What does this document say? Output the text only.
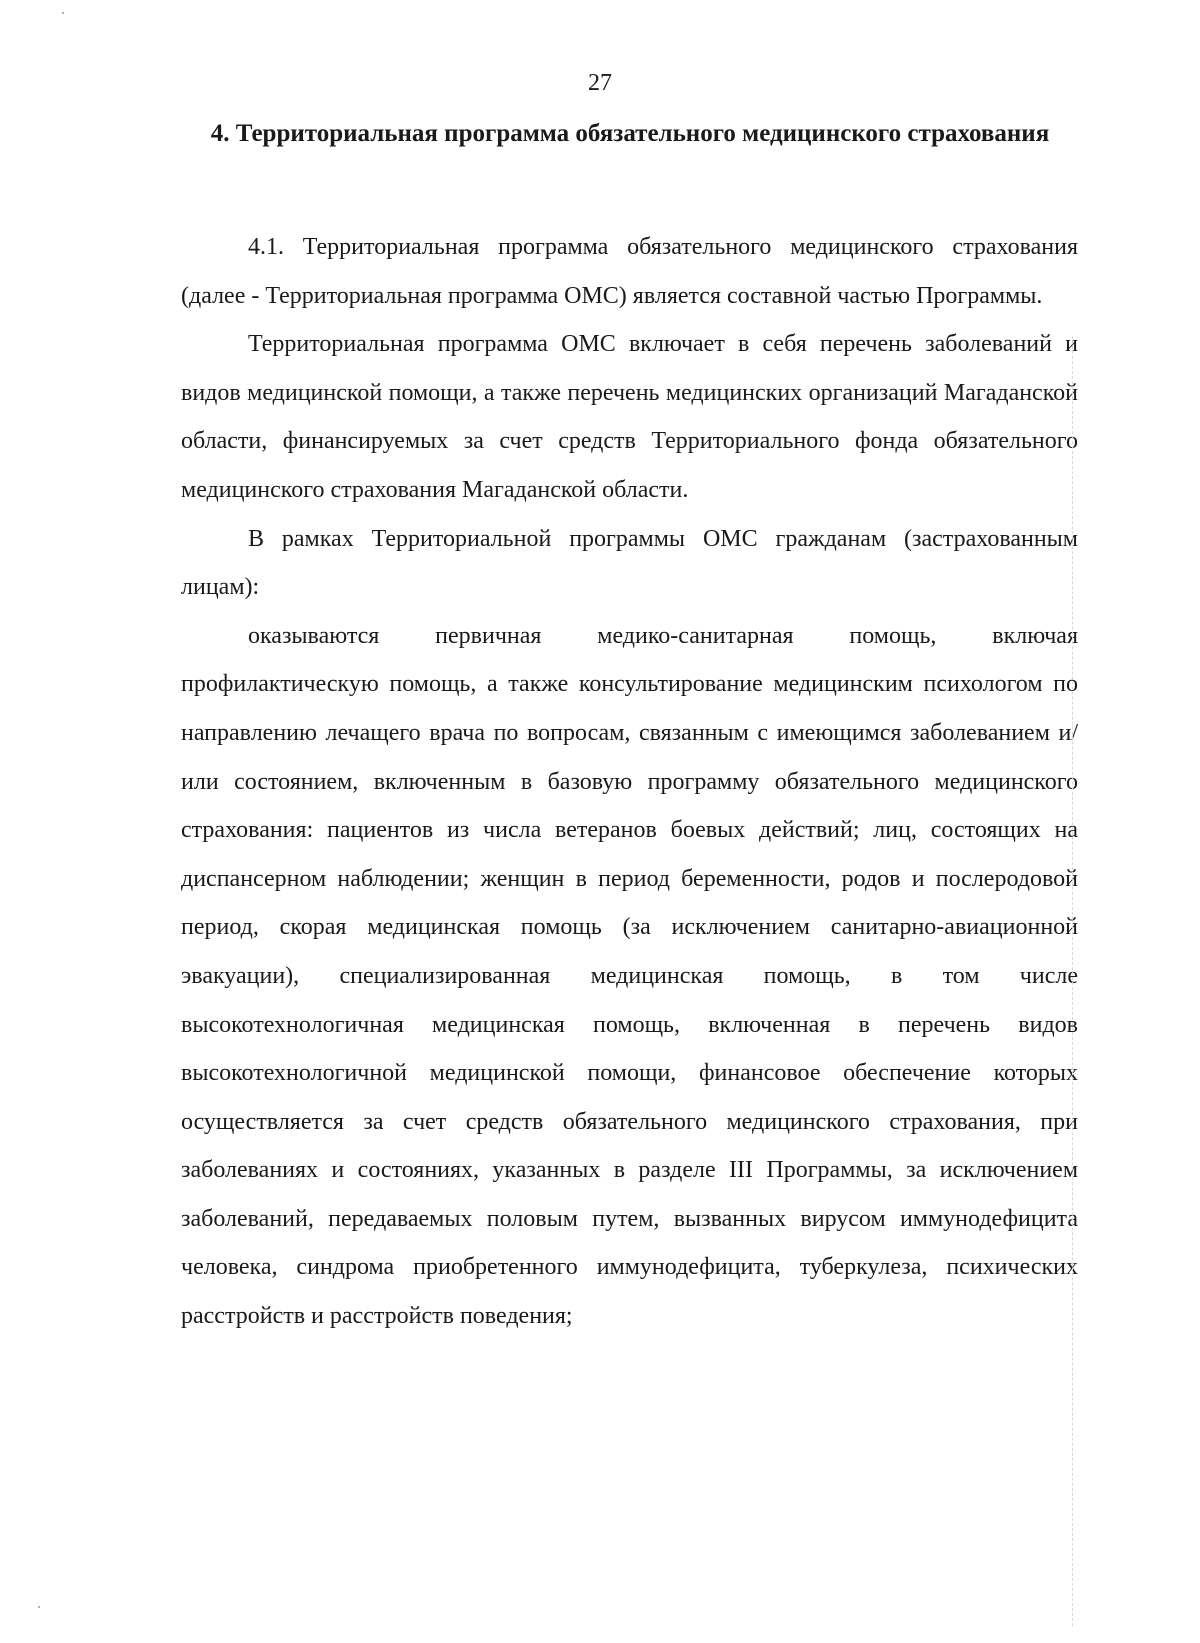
27
4. Территориальная программа обязательного медицинского страхования

4.1. Территориальная программа обязательного медицинского страхования (далее - Территориальная программа ОМС) является составной частью Программы.

Территориальная программа ОМС включает в себя перечень заболеваний и видов медицинской помощи, а также перечень медицинских организаций Магаданской области, финансируемых за счет средств Территориального фонда обязательного медицинского страхования Магаданской области.

В рамках Территориальной программы ОМС гражданам (застрахованным лицам):

оказываются первичная медико-санитарная помощь, включая профилактическую помощь, а также консультирование медицинским психологом по направлению лечащего врача по вопросам, связанным с имеющимся заболеванием и/или состоянием, включенным в базовую программу обязательного медицинского страхования: пациентов из числа ветеранов боевых действий; лиц, состоящих на диспансерном наблюдении; женщин в период беременности, родов и послеродовой период, скорая медицинская помощь (за исключением санитарно-авиационной эвакуации), специализированная медицинская помощь, в том числе высокотехнологичная медицинская помощь, включенная в перечень видов высокотехнологичной медицинской помощи, финансовое обеспечение которых осуществляется за счет средств обязательного медицинского страхования, при заболеваниях и состояниях, указанных в разделе III Программы, за исключением заболеваний, передаваемых половым путем, вызванных вирусом иммунодефицита человека, синдрома приобретенного иммунодефицита, туберкулеза, психических расстройств и расстройств поведения;
